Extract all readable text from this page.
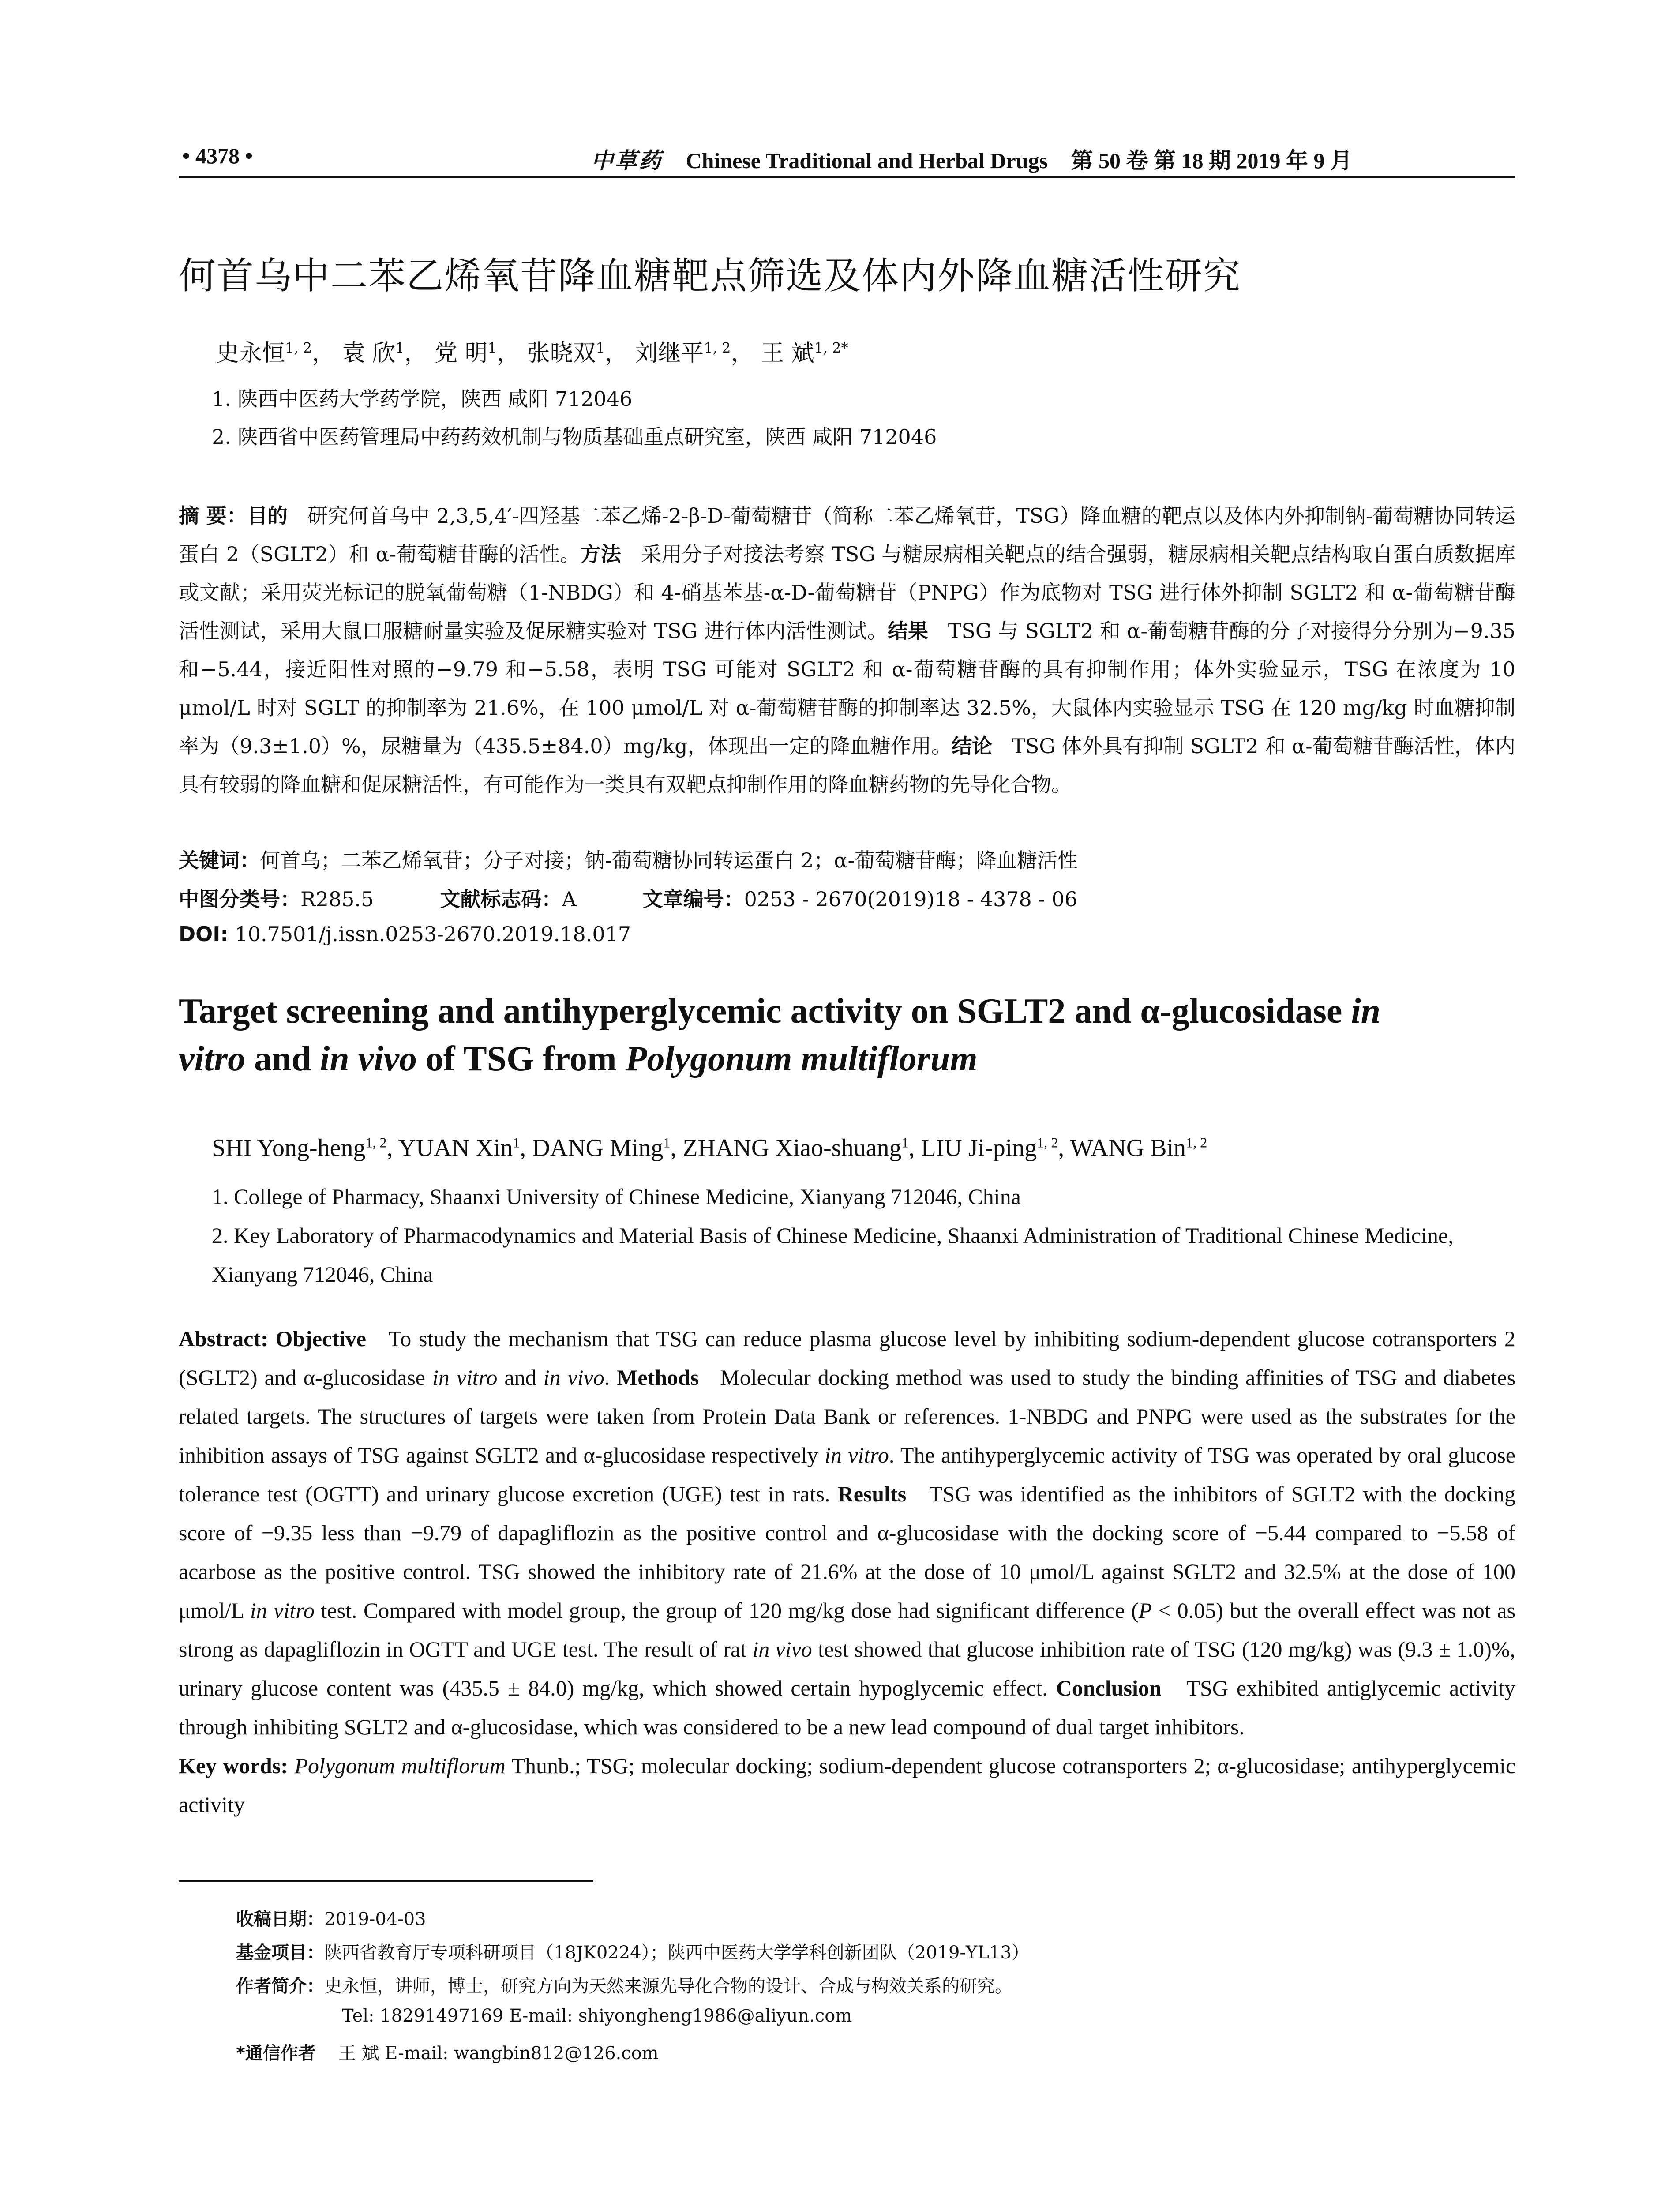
• 4378 •	中草药 Chinese Traditional and Herbal Drugs 第 50 卷 第 18 期 2019 年 9 月
何首乌中二苯乙烯氧苷降血糖靶点筛选及体内外降血糖活性研究
史永恒$^{1, 2}$， 袁 欣$^1$， 党 明$^1$， 张晓双$^1$， 刘继平$^{1, 2}$， 王 斌$^{1, 2*}$
1. 陕西中医药大学药学院，陕西 咸阳 712046
2. 陕西省中医药管理局中药药效机制与物质基础重点研究室，陕西 咸阳 712046
摘 要：目的 研究何首乌中 2,3,5,4′-四羟基二苯乙烯-2-β-D-葡萄糖苷（简称二苯乙烯氧苷，TSG）降血糖的靶点以及体内外抑制钠-葡萄糖协同转运蛋白 2（SGLT2）和 α-葡萄糖苷酶的活性。方法 采用分子对接法考察 TSG 与糖尿病相关靶点的结合强弱，糖尿病相关靶点结构取自蛋白质数据库或文献；采用荧光标记的脱氧葡萄糖（1-NBDG）和 4-硝基苯基-α-D-葡萄糖苷（PNPG）作为底物对 TSG 进行体外抑制 SGLT2 和 α-葡萄糖苷酶活性测试，采用大鼠口服糖耐量实验及促尿糖实验对 TSG 进行体内活性测试。结果 TSG 与 SGLT2 和 α-葡萄糖苷酶的分子对接得分分别为−9.35 和−5.44，接近阳性对照的−9.79 和−5.58，表明 TSG 可能对 SGLT2 和 α-葡萄糖苷酶的具有抑制作用；体外实验显示，TSG 在浓度为 10 μmol/L 时对 SGLT 的抑制率为 21.6%，在 100 μmol/L 对 α-葡萄糖苷酶的抑制率达 32.5%，大鼠体内实验显示 TSG 在 120 mg/kg 时血糖抑制率为（9.3±1.0）%，尿糖量为（435.5±84.0）mg/kg，体现出一定的降血糖作用。结论 TSG 体外具有抑制 SGLT2 和 α-葡萄糖苷酶活性，体内具有较弱的降血糖和促尿糖活性，有可能作为一类具有双靶点抑制作用的降血糖药物的先导化合物。
关键词：何首乌；二苯乙烯氧苷；分子对接；钠-葡萄糖协同转运蛋白 2；α-葡萄糖苷酶；降血糖活性
中图分类号：R285.5	文献标志码：A	文章编号：0253 - 2670(2019)18 - 4378 - 06
DOI: 10.7501/j.issn.0253-2670.2019.18.017
Target screening and antihyperglycemic activity on SGLT2 and α-glucosidase in
vitro and in vivo of TSG from Polygonum multiflorum
SHI Yong-heng$^{1, 2}$, YUAN Xin$^1$, DANG Ming$^1$, ZHANG Xiao-shuang$^1$, LIU Ji-ping$^{1, 2}$, WANG Bin$^{1, 2}$
1. College of Pharmacy, Shaanxi University of Chinese Medicine, Xianyang 712046, China
2. Key Laboratory of Pharmacodynamics and Material Basis of Chinese Medicine, Shaanxi Administration of Traditional Chinese Medicine, Xianyang 712046, China
Abstract: Objective To study the mechanism that TSG can reduce plasma glucose level by inhibiting sodium-dependent glucose cotransporters 2 (SGLT2) and α-glucosidase in vitro and in vivo. Methods Molecular docking method was used to study the binding affinities of TSG and diabetes related targets. The structures of targets were taken from Protein Data Bank or references. 1-NBDG and PNPG were used as the substrates for the inhibition assays of TSG against SGLT2 and α-glucosidase respectively in vitro. The antihyperglycemic activity of TSG was operated by oral glucose tolerance test (OGTT) and urinary glucose excretion (UGE) test in rats. Results TSG was identified as the inhibitors of SGLT2 with the docking score of −9.35 less than −9.79 of dapagliflozin as the positive control and α-glucosidase with the docking score of −5.44 compared to −5.58 of acarbose as the positive control. TSG showed the inhibitory rate of 21.6% at the dose of 10 μmol/L against SGLT2 and 32.5% at the dose of 100 μmol/L in vitro test. Compared with model group, the group of 120 mg/kg dose had significant difference (P < 0.05) but the overall effect was not as strong as dapagliflozin in OGTT and UGE test. The result of rat in vivo test showed that glucose inhibition rate of TSG (120 mg/kg) was (9.3 ± 1.0)%, urinary glucose content was (435.5 ± 84.0) mg/kg, which showed certain hypoglycemic effect. Conclusion TSG exhibited antiglycemic activity through inhibiting SGLT2 and α-glucosidase, which was considered to be a new lead compound of dual target inhibitors.
Key words: Polygonum multiflorum Thunb.; TSG; molecular docking; sodium-dependent glucose cotransporters 2; α-glucosidase; antihyperglycemic activity
收稿日期：2019-04-03
基金项目：陕西省教育厅专项科研项目（18JK0224）；陕西中医药大学学科创新团队（2019-YL13）
作者简介：史永恒，讲师，博士，研究方向为天然来源先导化合物的设计、合成与构效关系的研究。
Tel: 18291497169 E-mail: shiyongheng1986@aliyun.com
*通信作者 王 斌 E-mail: wangbin812@126.com
